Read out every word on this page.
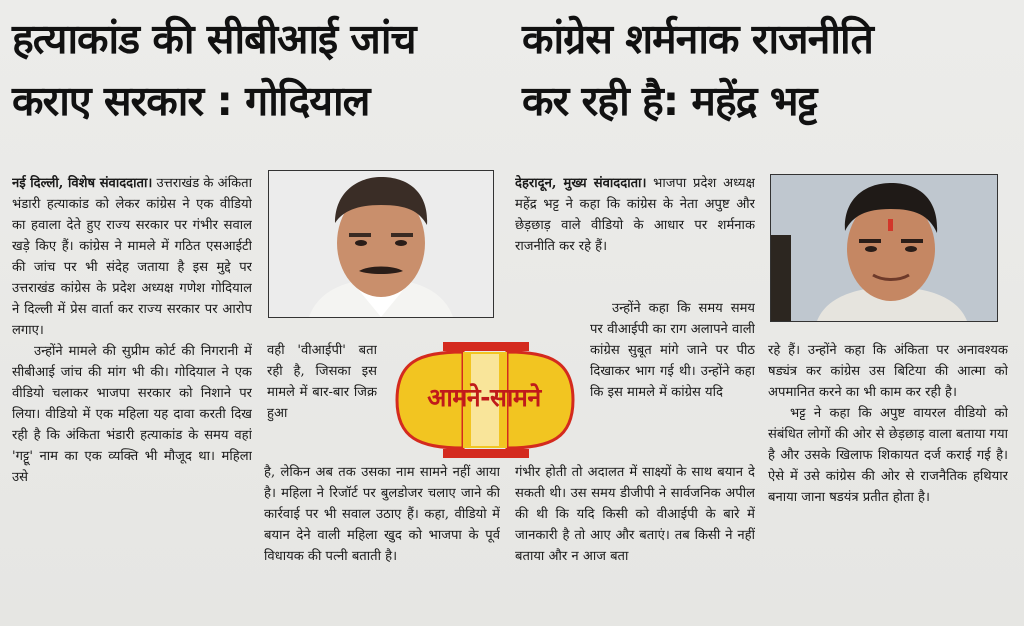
हत्याकांड की सीबीआई जांच
कराए सरकार : गोदियाल
कांग्रेस शर्मनाक राजनीति
कर रही है: महेंद्र भट्ट

नई दिल्ली, विशेष संवाददाता। उत्तराखंड के अंकिता भंडारी हत्याकांड को लेकर कांग्रेस ने एक वीडियो का हवाला देते हुए राज्य सरकार पर गंभीर सवाल खड़े किए हैं। कांग्रेस ने मामले में गठित एसआईटी की जांच पर भी संदेह जताया है इस मुद्दे पर उत्तराखंड कांग्रेस के प्रदेश अध्यक्ष गणेश गोदियाल ने दिल्ली में प्रेस वार्ता कर राज्य सरकार पर आरोप लगाए।

उन्होंने मामले की सुप्रीम कोर्ट की निगरानी में सीबीआई जांच की मांग भी की। गोदियाल ने एक वीडियो चलाकर भाजपा सरकार को निशाने पर लिया। वीडियो में एक महिला यह दावा करती दिख रही है कि अंकिता भंडारी हत्याकांड के समय वहां 'गट्टू' नाम का एक व्यक्ति भी मौजूद था। महिला उसे

वही 'वीआईपी' बता रही है, जिसका इस मामले में बार-बार जिक्र हुआ

है, लेकिन अब तक उसका नाम सामने नहीं आया है। महिला ने रिजॉर्ट पर बुलडोजर चलाए जाने की कार्रवाई पर भी सवाल उठाए हैं। कहा, वीडियो में बयान देने वाली महिला खुद को भाजपा के पूर्व विधायक की पत्नी बताती है।

आमने-सामने

देहरादून, मुख्य संवाददाता। भाजपा प्रदेश अध्यक्ष महेंद्र भट्ट ने कहा कि कांग्रेस के नेता अपुष्ट और छेड़छाड़ वाले वीडियो के आधार पर शर्मनाक राजनीति कर रहे हैं।

उन्होंने कहा कि समय समय पर वीआईपी का राग अलापने वाली कांग्रेस सुबूत मांगे जाने पर पीठ दिखाकर भाग गई थी। उन्होंने कहा कि इस मामले में कांग्रेस यदि

गंभीर होती तो अदालत में साक्ष्यों के साथ बयान दे सकती थी। उस समय डीजीपी ने सार्वजनिक अपील की थी कि यदि किसी को वीआईपी के बारे में जानकारी है तो आए और बताएं। तब किसी ने नहीं बताया और न आज बता

रहे हैं। उन्होंने कहा कि अंकिता पर अनावश्यक षड्यंत्र कर कांग्रेस उस बिटिया की आत्मा को अपमानित करने का भी काम कर रही है।

भट्ट ने कहा कि अपुष्ट वायरल वीडियो को संबंधित लोगों की ओर से छेड़छाड़ वाला बताया गया है और उसके खिलाफ शिकायत दर्ज कराई गई है। ऐसे में उसे कांग्रेस की ओर से राजनैतिक हथियार बनाया जाना षडयंत्र प्रतीत होता है।
